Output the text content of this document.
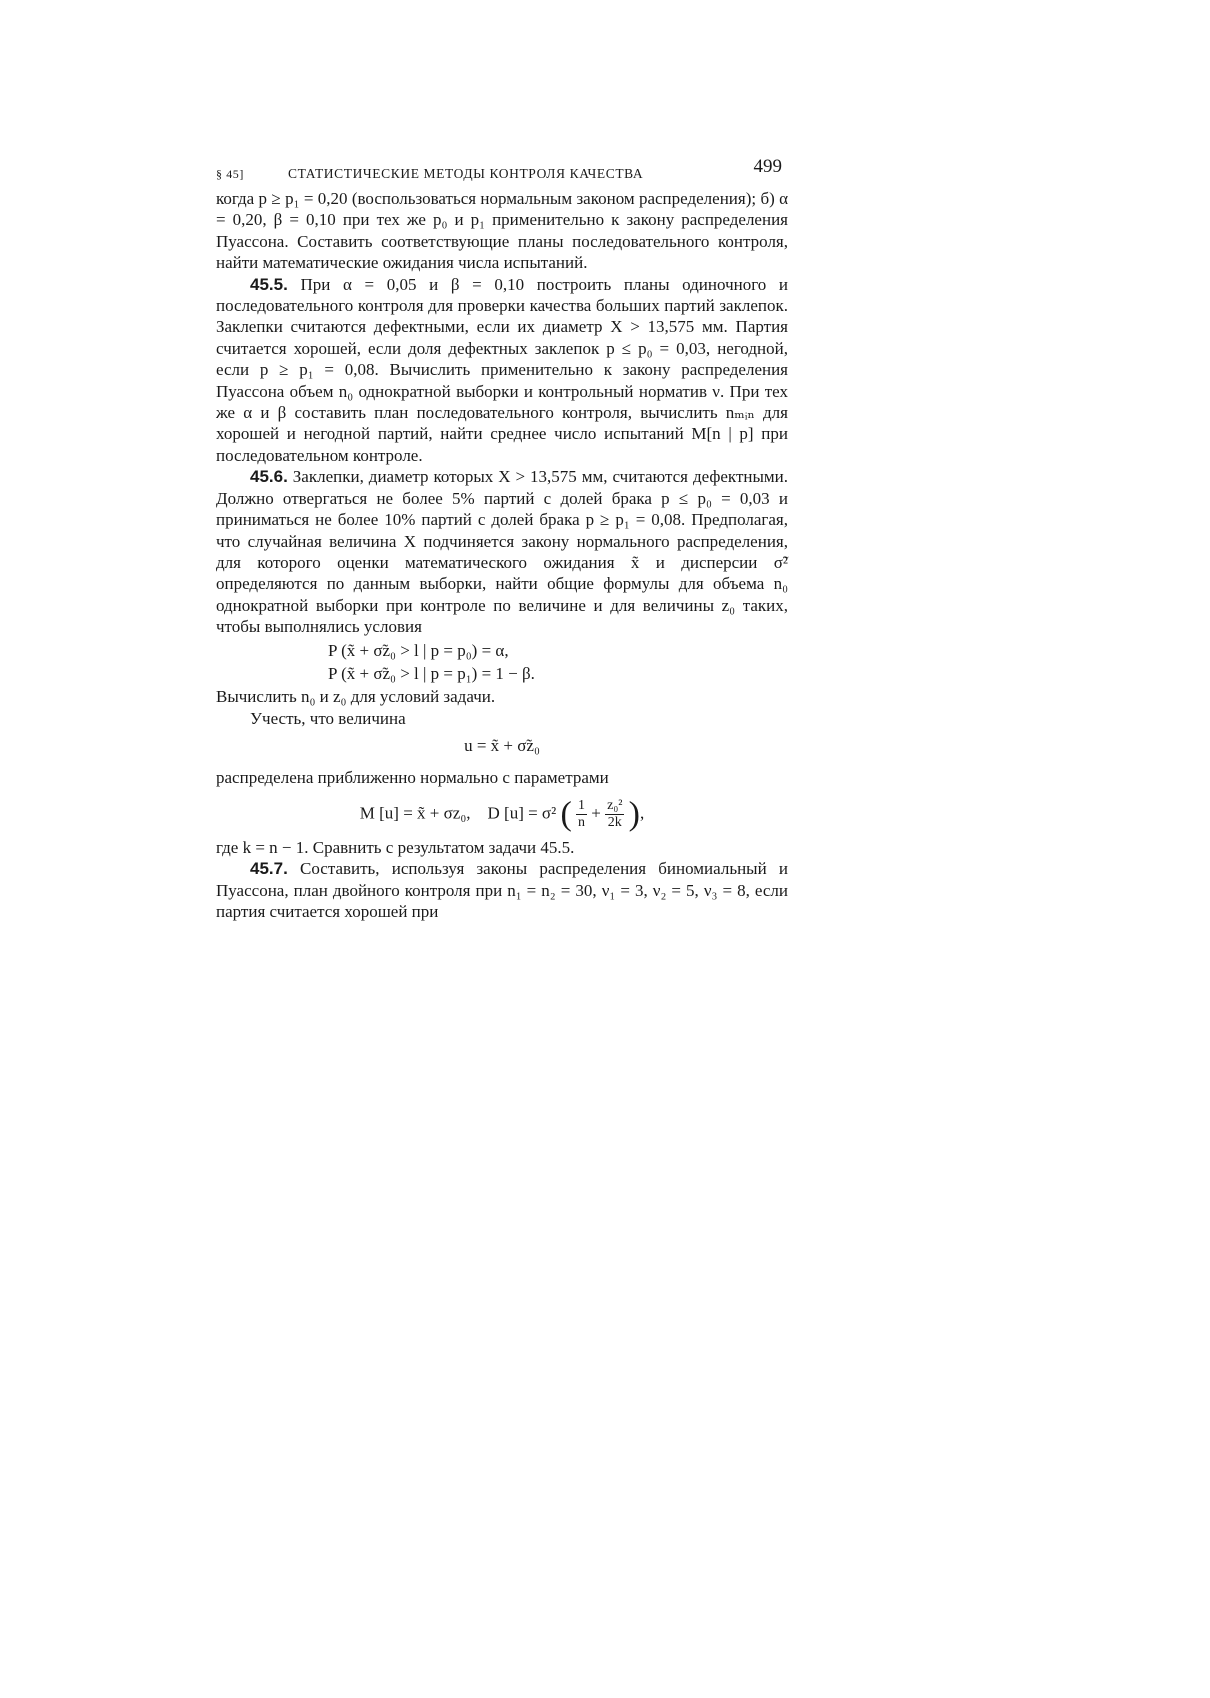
§ 45]	СТАТИСТИЧЕСКИЕ МЕТОДЫ КОНТРОЛЯ КАЧЕСТВА	499

когда p ≥ p₁ = 0,20 (воспользоваться нормальным законом распределения); б) α = 0,20, β = 0,10 при тех же p₀ и p₁ применительно к закону распределения Пуассона. Составить соответствующие планы последовательного контроля, найти математические ожидания числа испытаний.

45.5. При α = 0,05 и β = 0,10 построить планы одиночного и последовательного контроля для проверки качества больших партий заклепок. Заклепки считаются дефектными, если их диаметр X > 13,575 мм. Партия считается хорошей, если доля дефектных заклепок p ≤ p₀ = 0,03, негодной, если p ≥ p₁ = 0,08. Вычислить применительно к закону распределения Пуассона объем n₀ однократной выборки и контрольный норматив ν. При тех же α и β составить план последовательного контроля, вычислить nₘᵢₙ для хорошей и негодной партий, найти среднее число испытаний M[n | p] при последовательном контроле.

45.6. Заклепки, диаметр которых X > 13,575 мм, считаются дефектными. Должно отвергаться не более 5% партий с долей брака p ≤ p₀ = 0,03 и приниматься не более 10% партий с долей брака p ≥ p₁ = 0,08. Предполагая, что случайная величина X подчиняется закону нормального распределения, для которого оценки математического ожидания x̃ и дисперсии σ̃² определяются по данным выборки, найти общие формулы для объема n₀ однократной выборки при контроле по величине и для величины z₀ таких, чтобы выполнялись условия

P (x̃ + σ̃z₀ > l | p = p₀) = α,
P (x̃ + σ̃z₀ > l | p = p₁) = 1 − β.

Вычислить n₀ и z₀ для условий задачи.

Учесть, что величина

u = x̃ + σ̃z₀

распределена приближенно нормально с параметрами

M [u] = x̃ + σz₀, D [u] = σ² ( $\frac{1}{n} + \frac{\text{z₀²}}{2k}$ ),

где k = n − 1. Сравнить с результатом задачи 45.5.

45.7. Составить, используя законы распределения биномиальный и Пуассона, план двойного контроля при n₁ = n₂ = 30, ν₁ = 3, ν₂ = 5, ν₃ = 8, если партия считается хорошей при
